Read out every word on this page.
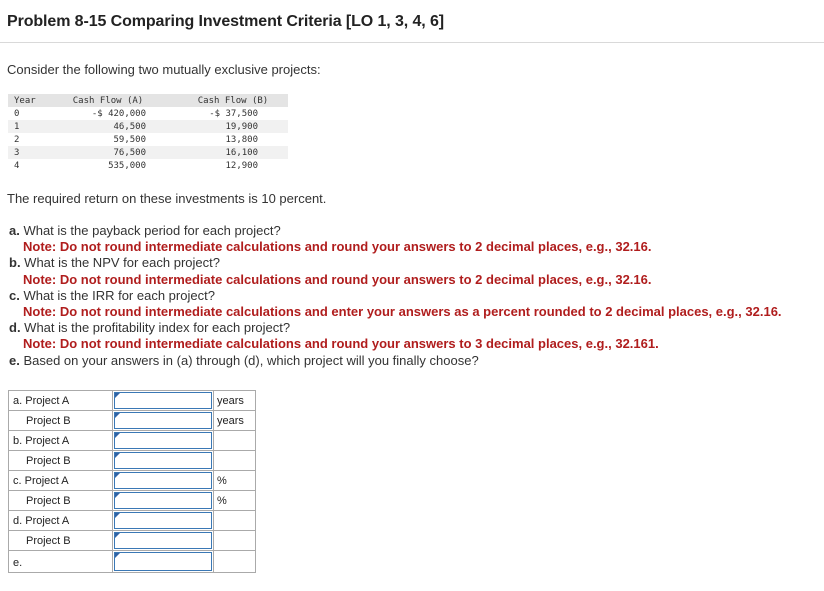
Problem 8-15 Comparing Investment Criteria [LO 1, 3, 4, 6]
Consider the following two mutually exclusive projects:
Year	Cash Flow (A)	Cash Flow (B)
0	-$ 420,000	-$ 37,500
1	46,500	19,900
2	59,500	13,800
3	76,500	16,100
4	535,000	12,900
The required return on these investments is 10 percent.
a. What is the payback period for each project?
Note: Do not round intermediate calculations and round your answers to 2 decimal places, e.g., 32.16.
b. What is the NPV for each project?
Note: Do not round intermediate calculations and round your answers to 2 decimal places, e.g., 32.16.
c. What is the IRR for each project?
Note: Do not round intermediate calculations and enter your answers as a percent rounded to 2 decimal places, e.g., 32.16.
d. What is the profitability index for each project?
Note: Do not round intermediate calculations and round your answers to 3 decimal places, e.g., 32.161.
e. Based on your answers in (a) through (d), which project will you finally choose?
a. Project A		years
Project B		years
b. Project A	

Project B	

c. Project A		%
Project B		%
d. Project A	

Project B	

e.	
